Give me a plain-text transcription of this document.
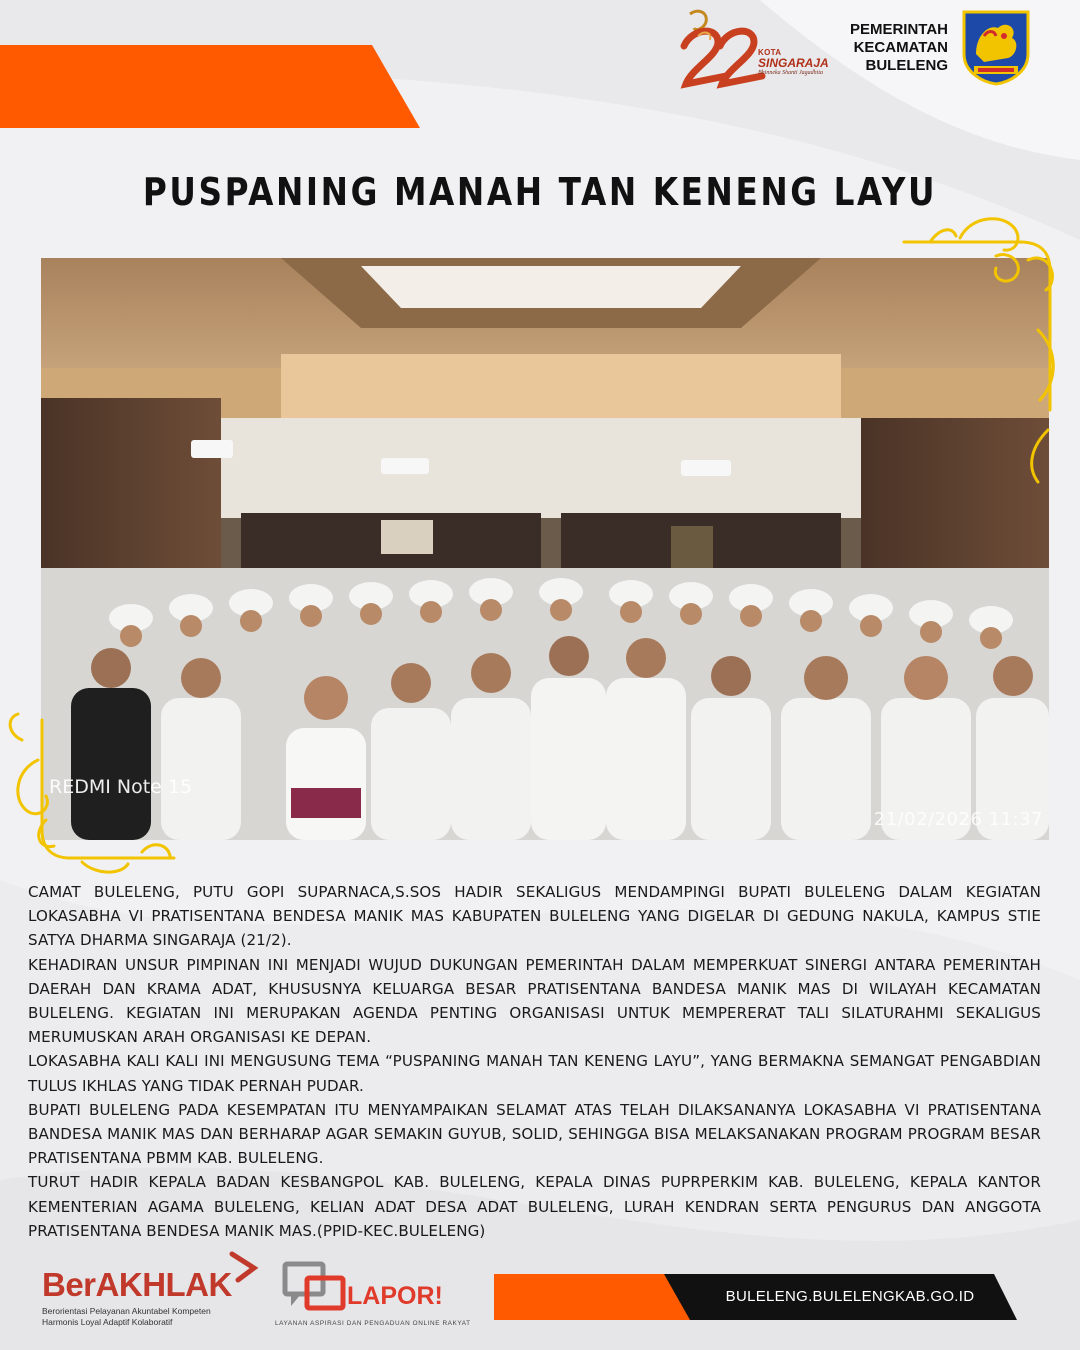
KOTA
SINGARAJA
Bhinneka Shanti Jagadhita
PEMERINTAH
KECAMATAN
BULELENG
PUSPANING MANAH TAN KENENG LAYU
REDMI Note 15
21/02/2026 11:37

CAMAT BULELENG, PUTU GOPI SUPARNACA,S.SOS HADIR SEKALIGUS MENDAMPINGI BUPATI BULELENG DALAM KEGIATAN LOKASABHA VI PRATISENTANA BENDESA MANIK MAS KABUPATEN BULELENG YANG DIGELAR DI GEDUNG NAKULA, KAMPUS STIE SATYA DHARMA SINGARAJA (21/2).

KEHADIRAN UNSUR PIMPINAN INI MENJADI WUJUD DUKUNGAN PEMERINTAH DALAM MEMPERKUAT SINERGI ANTARA PEMERINTAH DAERAH DAN KRAMA ADAT, KHUSUSNYA KELUARGA BESAR PRATISENTANA BANDESA MANIK MAS DI WILAYAH KECAMATAN BULELENG. KEGIATAN INI MERUPAKAN AGENDA PENTING ORGANISASI UNTUK MEMPERERAT TALI SILATURAHMI SEKALIGUS MERUMUSKAN ARAH ORGANISASI KE DEPAN.

LOKASABHA KALI KALI INI MENGUSUNG TEMA “PUSPANING MANAH TAN KENENG LAYU”, YANG BERMAKNA SEMANGAT PENGABDIAN TULUS IKHLAS YANG TIDAK PERNAH PUDAR.

BUPATI BULELENG PADA KESEMPATAN ITU MENYAMPAIKAN SELAMAT ATAS TELAH DILAKSANANYA LOKASABHA VI PRATISENTANA BANDESA MANIK MAS DAN BERHARAP AGAR SEMAKIN GUYUB, SOLID, SEHINGGA BISA MELAKSANAKAN PROGRAM PROGRAM BESAR PRATISENTANA PBMM KAB. BULELENG.

TURUT HADIR KEPALA BADAN KESBANGPOL KAB. BULELENG, KEPALA DINAS PUPRPERKIM KAB. BULELENG, KEPALA KANTOR KEMENTERIAN AGAMA BULELENG, KELIAN ADAT DESA ADAT BULELENG, LURAH KENDRAN SERTA PENGURUS DAN ANGGOTA PRATISENTANA BENDESA MANIK MAS.(PPID-KEC.BULELENG)

BerAKHLAK
Berorientasi Pelayanan Akuntabel Kompeten
Harmonis Loyal Adaptif Kolaboratif
LAPOR!
LAYANAN ASPIRASI DAN PENGADUAN ONLINE RAKYAT
BULELENG.BULELENGKAB.GO.ID
